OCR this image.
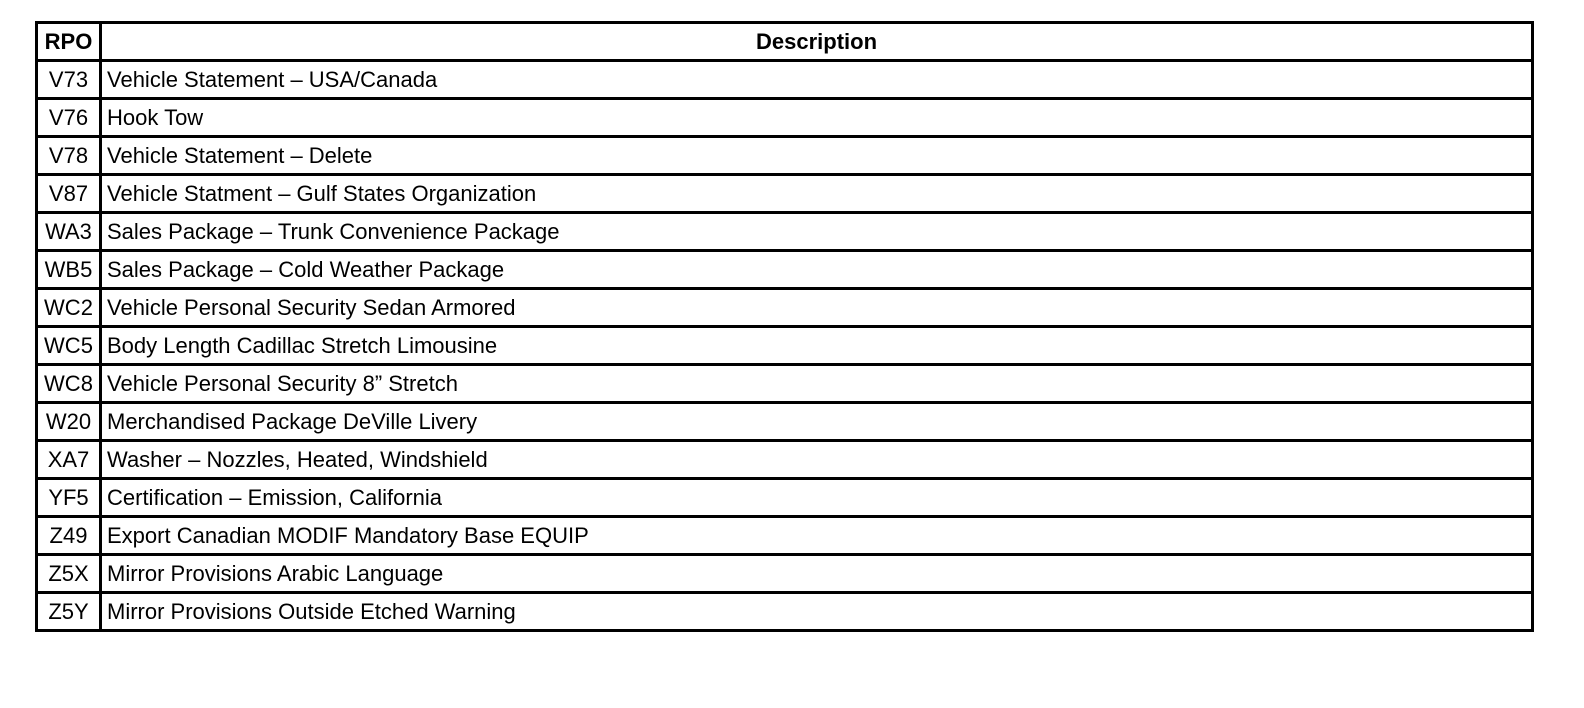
RPO	Description
V73	Vehicle Statement – USA/Canada
V76	Hook Tow
V78	Vehicle Statement – Delete
V87	Vehicle Statment – Gulf States Organization
WA3	Sales Package – Trunk Convenience Package
WB5	Sales Package – Cold Weather Package
WC2	Vehicle Personal Security Sedan Armored
WC5	Body Length Cadillac Stretch Limousine
WC8	Vehicle Personal Security 8” Stretch
W20	Merchandised Package DeVille Livery
XA7	Washer – Nozzles, Heated, Windshield
YF5	Certification – Emission, California
Z49	Export Canadian MODIF Mandatory Base EQUIP
Z5X	Mirror Provisions Arabic Language
Z5Y	Mirror Provisions Outside Etched Warning
